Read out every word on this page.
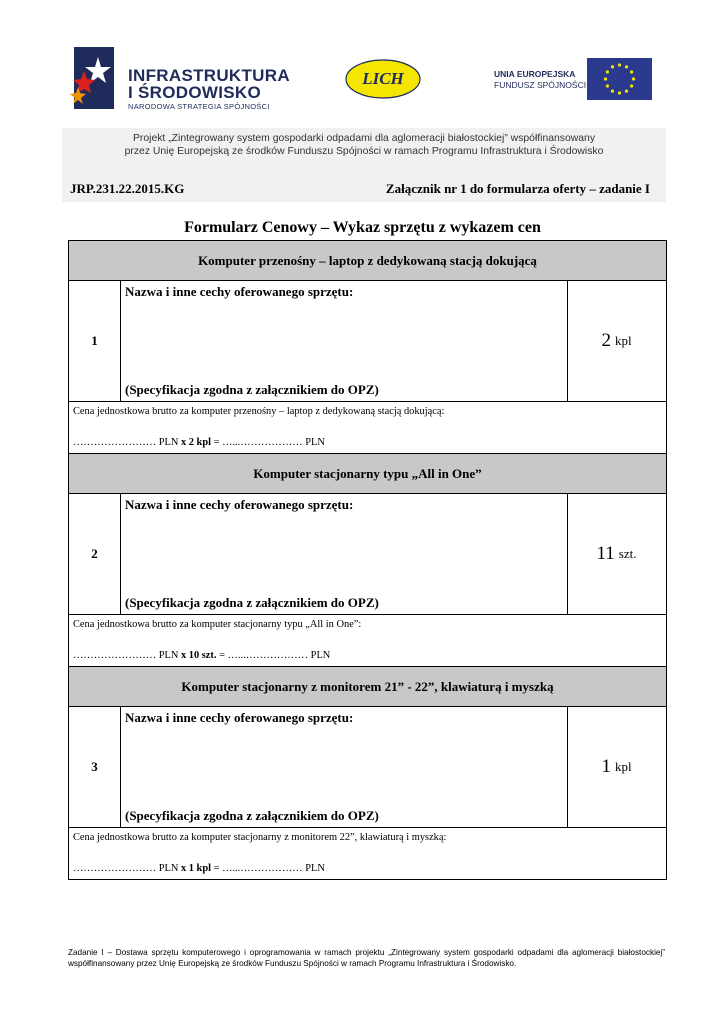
INFRASTRUKTURA
I ŚRODOWISKO
NARODOWA STRATEGIA SPÓJNOŚCI
LICH	UNIA EUROPEJSKA
FUNDUSZ SPÓJNOŚCI
Projekt „Zintegrowany system gospodarki odpadami dla aglomeracji białostockiej” współfinansowany
przez Unię Europejską ze środków Funduszu Spójności w ramach Programu Infrastruktura i Środowisko
JRP.231.22.2015.KG	Załącznik nr 1 do formularza oferty – zadanie I
Formularz Cenowy – Wykaz sprzętu z wykazem cen
Komputer przenośny – laptop z dedykowaną stacją dokującą
1
Nazwa i inne cechy oferowanego sprzętu:
(Specyfikacja zgodna z załącznikiem do OPZ)
2 kpl
Cena jednostkowa brutto za komputer przenośny – laptop z dedykowaną stacją dokującą:
…………………… PLN x 2 kpl = …...……………… PLN
Komputer stacjonarny typu „All in One”
2
Nazwa i inne cechy oferowanego sprzętu:
(Specyfikacja zgodna z załącznikiem do OPZ)
11 szt.
Cena jednostkowa brutto za komputer stacjonarny typu „All in One”:
…………………… PLN x 10 szt. = …...……………… PLN
Komputer stacjonarny z monitorem 21” - 22”, klawiaturą i myszką
3
Nazwa i inne cechy oferowanego sprzętu:
(Specyfikacja zgodna z załącznikiem do OPZ)
1 kpl
Cena jednostkowa brutto za komputer stacjonarny z monitorem 22”, klawiaturą i myszką:
…………………… PLN x 1 kpl = …...……………… PLN
Zadanie I – Dostawa sprzętu komputerowego i oprogramowania w ramach projektu „Zintegrowany system gospodarki odpadami dla aglomeracji białostockiej” współfinansowany przez Unię Europejską ze środków Funduszu Spójności w ramach Programu Infrastruktura i Środowisko.
